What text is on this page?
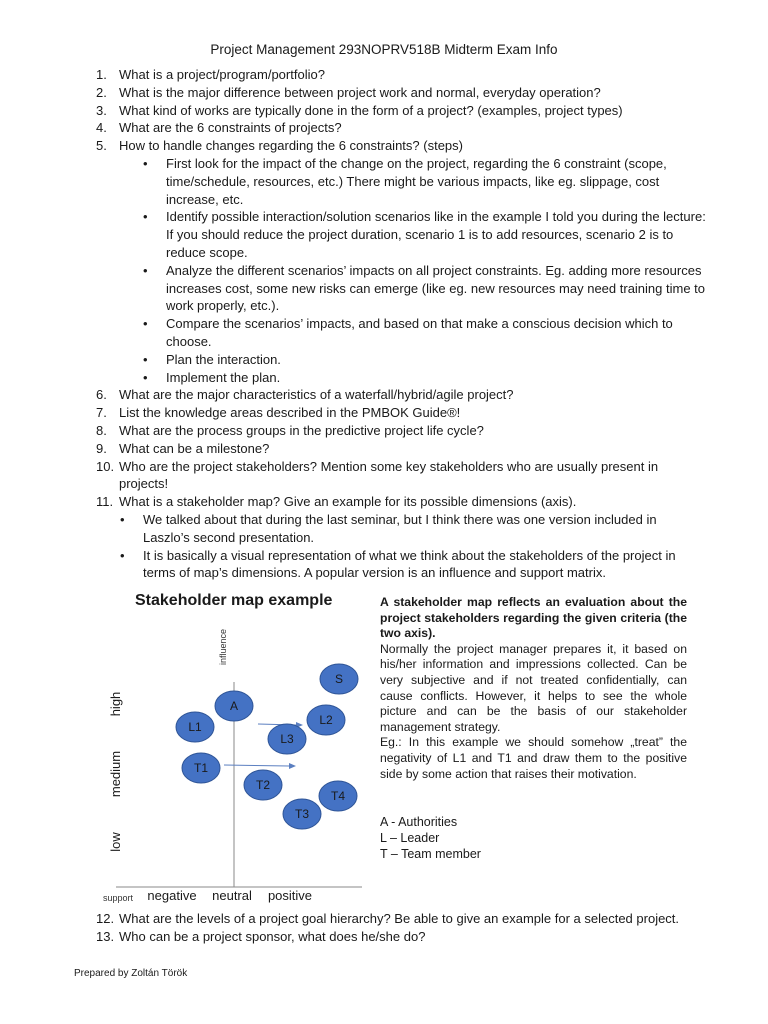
Project Management 293NOPRV518B Midterm Exam Info
1. What is a project/program/portfolio?
2. What is the major difference between project work and normal, everyday operation?
3. What kind of works are typically done in the form of a project? (examples, project types)
4. What are the 6 constraints of projects?
5. How to handle changes regarding the 6 constraints? (steps)
•	First look for the impact of the change on the project, regarding the 6 constraint (scope, time/schedule, resources, etc.) There might be various impacts, like eg. slippage, cost increase, etc.
•	Identify possible interaction/solution scenarios like in the example I told you during the lecture: If you should reduce the project duration, scenario 1 is to add resources, scenario 2 is to reduce scope.
•	Analyze the different scenarios’ impacts on all project constraints. Eg. adding more resources increases cost, some new risks can emerge (like eg. new resources may need training time to work properly, etc.).
•	Compare the scenarios’ impacts, and based on that make a conscious decision which to choose.
•	Plan the interaction.
•	Implement the plan.
6. What are the major characteristics of a waterfall/hybrid/agile project?
7. List the knowledge areas described in the PMBOK Guide®!
8. What are the process groups in the predictive project life cycle?
9. What can be a milestone?
10. Who are the project stakeholders? Mention some key stakeholders who are usually present in projects!
11. What is a stakeholder map? Give an example for its possible dimensions (axis).
•	We talked about that during the last seminar, but I think there was one version included in Laszlo’s second presentation.
•	It is basically a visual representation of what we think about the stakeholders of the project in terms of map’s dimensions. A popular version is an influence and support matrix.
Stakeholder map example
influence
support
high
medium
low
negative neutral positive
S
A
L1	L2
L3
T1
T2
T4
T3
A stakeholder map reflects an evaluation about the project stakeholders regarding the given criteria (the two axis).
Normally the project manager prepares it, it based on his/her information and impressions collected. Can be very subjective and if not treated confidentially, can cause conflicts. However, it helps to see the whole picture and can be the basis of our stakeholder management strategy.
Eg.: In this example we should somehow „treat” the negativity of L1 and T1 and draw them to the positive side by some action that raises their motivation.
A - Authorities
L – Leader
T – Team member
12. What are the levels of a project goal hierarchy? Be able to give an example for a selected project.
13. Who can be a project sponsor, what does he/she do?
Prepared by Zoltán Török
